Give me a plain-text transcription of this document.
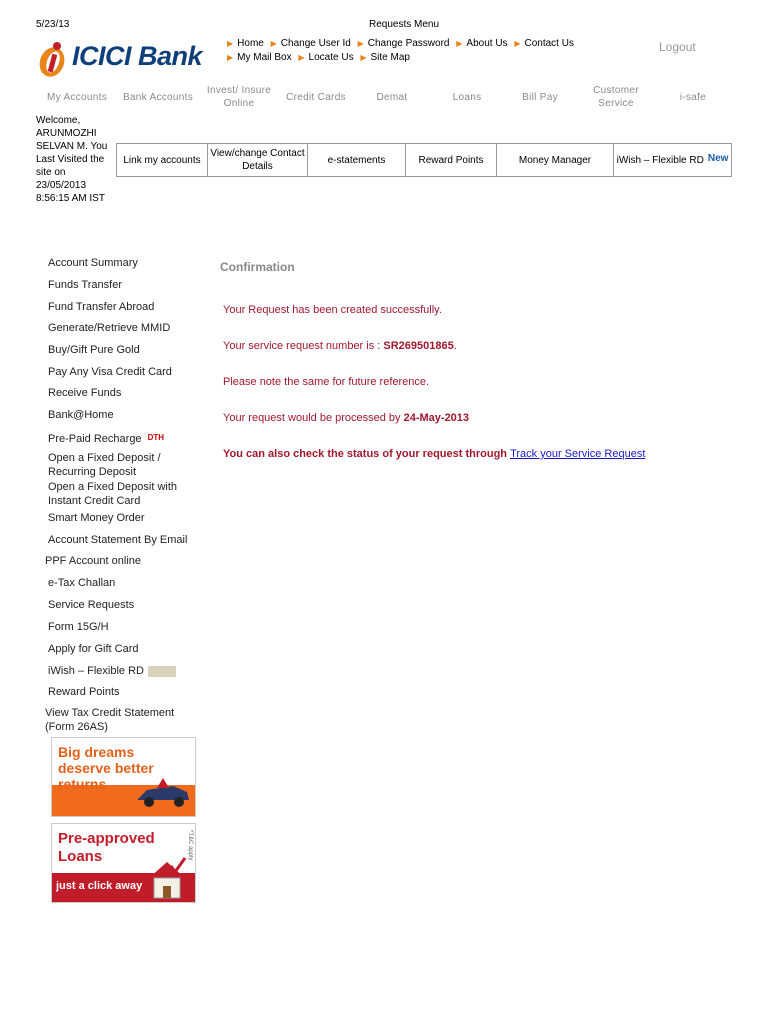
5/23/13	Requests Menu
ICICI Bank	▶ Home ▶ Change User Id ▶ Change Password ▶ About Us ▶ Contact Us ▶ My Mail Box ▶ Locate Us ▶ Site Map
Logout
My Accounts	Bank Accounts
Invest/ Insure Online
Credit Cards	Demat	Loans	Bill Pay
Customer Service
i-safe
Welcome, ARUNMOZHI SELVAN M. You Last Visited the site on 23/05/2013 8:56:15 AM IST
Link my accounts
View/change Contact Details
e-statements	Reward Points	Money Manager	iWish – Flexible RD New
Account Summary
Funds Transfer
Fund Transfer Abroad
Generate/Retrieve MMID
Buy/Gift Pure Gold
Pay Any Visa Credit Card
Receive Funds
Bank@Home
Pre-Paid Recharge DTH
Open a Fixed Deposit / Recurring Deposit
Open a Fixed Deposit with Instant Credit Card
Smart Money Order
Account Statement By Email
PPF Account online
e-Tax Challan
Service Requests
Form 15G/H
Apply for Gift Card
iWish – Flexible RD
Reward Points
View Tax Credit Statement (Form 26AS)
Big dreams deserve better returns
Pre-approved Loans	*T&C apply
just a click away
Confirmation
Your Request has been created successfully.
Your service request number is : SR269501865.
Please note the same for future reference.
Your request would be processed by 24-May-2013
You can also check the status of your request through Track your Service Request
